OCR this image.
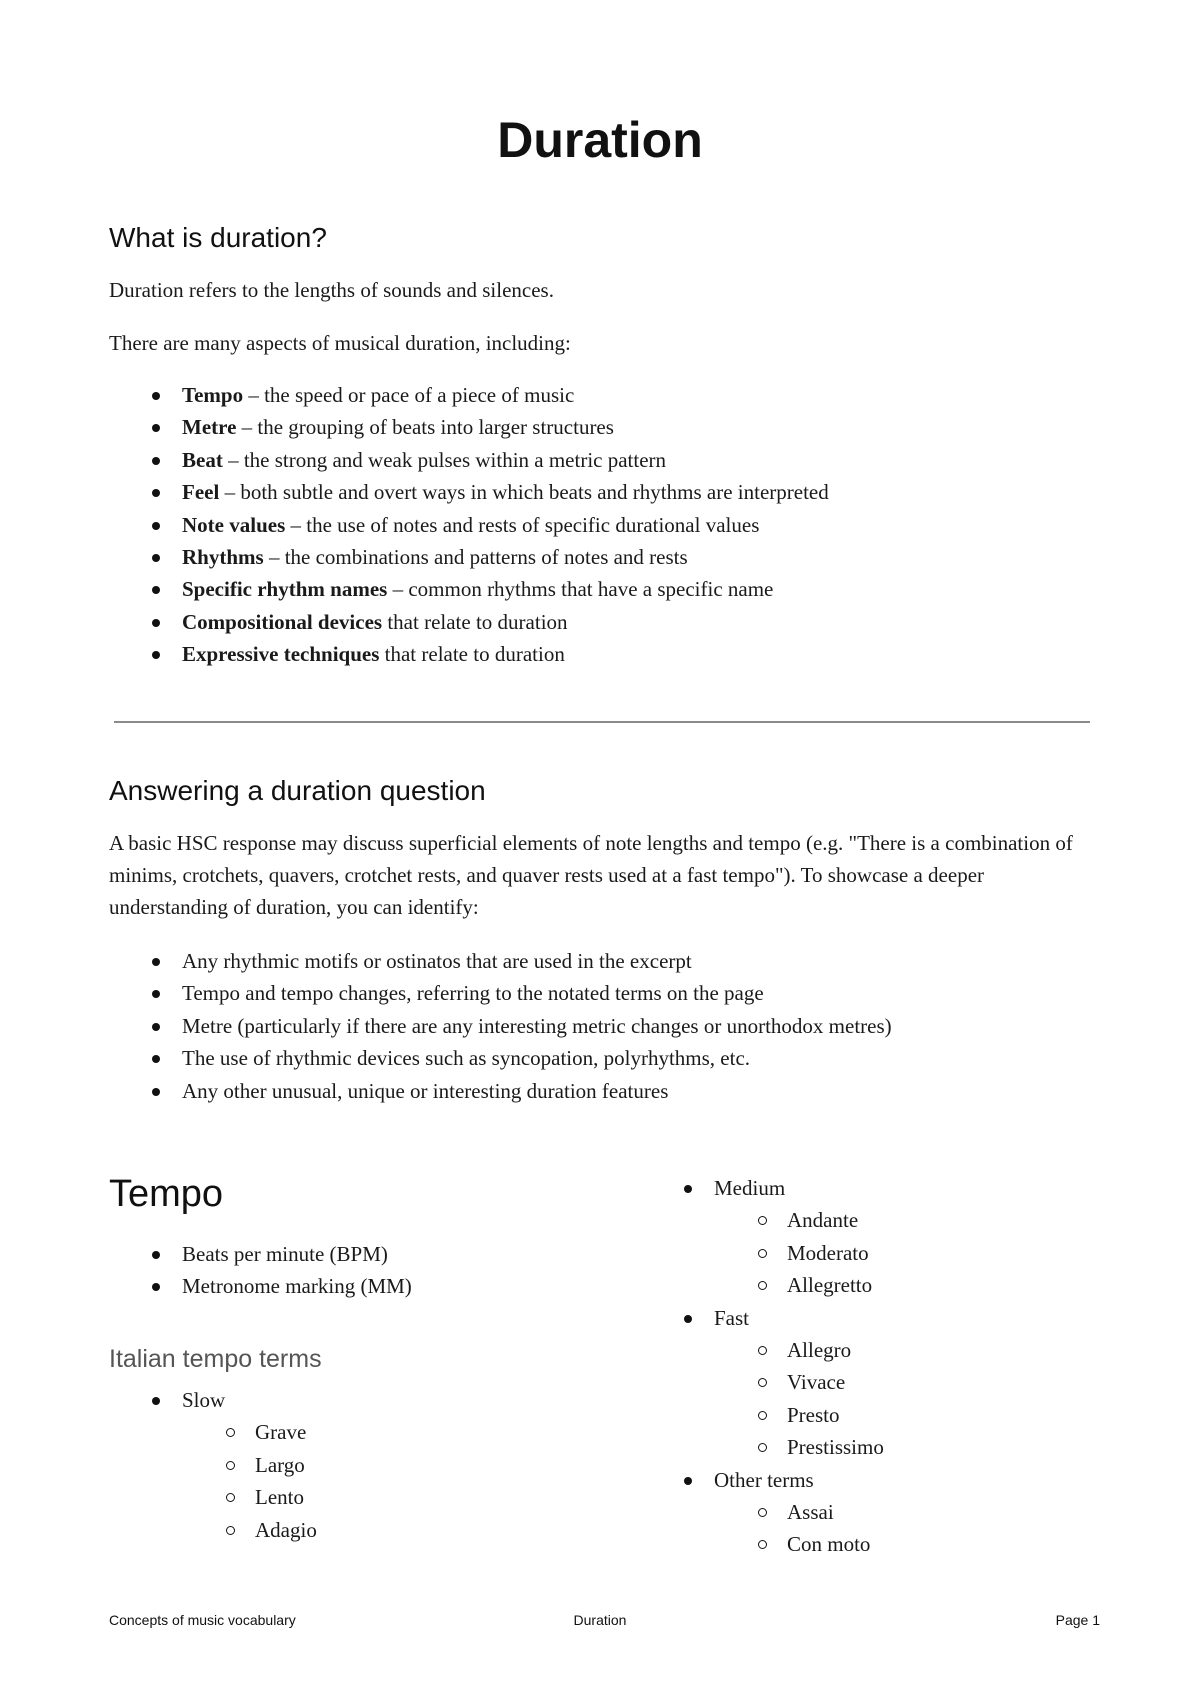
Duration
What is duration?

Duration refers to the lengths of sounds and silences.

There are many aspects of musical duration, including:

Tempo – the speed or pace of a piece of music
Metre – the grouping of beats into larger structures
Beat – the strong and weak pulses within a metric pattern
Feel – both subtle and overt ways in which beats and rhythms are interpreted
Note values – the use of notes and rests of specific durational values
Rhythms – the combinations and patterns of notes and rests
Specific rhythm names – common rhythms that have a specific name
Compositional devices that relate to duration
Expressive techniques that relate to duration
Answering a duration question

A basic HSC response may discuss superficial elements of note lengths and tempo (e.g. "There is a combination of minims, crotchets, quavers, crotchet rests, and quaver rests used at a fast tempo"). To showcase a deeper understanding of duration, you can identify:

Any rhythmic motifs or ostinatos that are used in the excerpt
Tempo and tempo changes, referring to the notated terms on the page
Metre (particularly if there are any interesting metric changes or unorthodox metres)
The use of rhythmic devices such as syncopation, polyrhythms, etc.
Any other unusual, unique or interesting duration features
Tempo
Beats per minute (BPM)
Metronome marking (MM)
Italian tempo terms
Slow
Grave
Largo
Lento
Adagio
Medium
Andante
Moderato
Allegretto
Fast
Allegro
Vivace
Presto
Prestissimo
Other terms
Assai
Con moto
Concepts of music vocabulary	Duration	Page 1
